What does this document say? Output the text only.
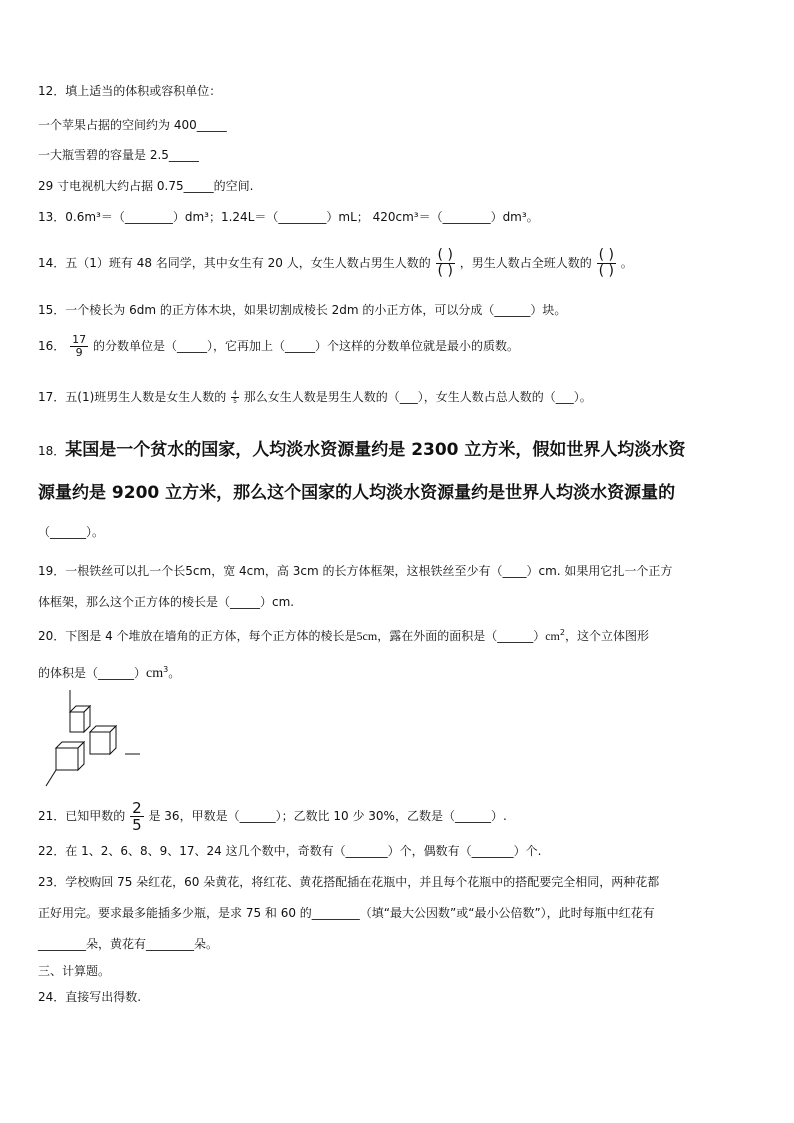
12．填上适当的体积或容积单位：
一个苹果占据的空间约为 400_____
一大瓶雪碧的容量是 2.5_____
29 寸电视机大约占据 0.75_____的空间.
13．0.6m³＝（________）dm³；1.24L＝（________）mL； 420cm³＝（________）dm³。
14．五（1）班有 48 名同学，其中女生有 20 人，女生人数占男生人数的 $\frac{( )}{( )}$ ，男生人数占全班人数的 $\frac{( )}{( )}$ 。
15．一个棱长为 6dm 的正方体木块，如果切割成棱长 2dm 的小正方体，可以分成（______）块。
16． $\frac{17}{9}$ 的分数单位是（_____），它再加上（_____）个这样的分数单位就是最小的质数。
17．五(1)班男生人数是女生人数的 $\frac{4}{5}$ 那么女生人数是男生人数的（___），女生人数占总人数的（___）。
18．某国是一个贫水的国家，人均淡水资源量约是 2300 立方米，假如世界人均淡水资
源量约是 9200 立方米，那么这个国家的人均淡水资源量约是世界人均淡水资源量的
（______）。
19．一根铁丝可以扎一个长5cm，宽 4cm，高 3cm 的长方体框架，这根铁丝至少有（____）cm. 如果用它扎一个正方
体框架，那么这个正方体的棱长是（_____）cm.
20．下图是 4 个堆放在墙角的正方体，每个正方体的棱长是5cm，露在外面的面积是$(\_\_\_\_\_\_)cm^2$，这个立体图形
的体积是$(\_\_\_\_\_\_)cm^3$。
21．已知甲数的 $\frac{2}{5}$ 是 36，甲数是（______）；乙数比 10 少 30%，乙数是（______）.
22．在 1、2、6、8、9、17、24 这几个数中，奇数有（_______）个，偶数有（_______）个.
23．学校购回 75 朵红花，60 朵黄花，将红花、黄花搭配插在花瓶中，并且每个花瓶中的搭配要完全相同，两种花都
正好用完。要求最多能插多少瓶，是求 75 和 60 的________（填“最大公因数”或“最小公倍数”），此时每瓶中红花有
________朵，黄花有________朵。
三、计算题。
24．直接写出得数.
